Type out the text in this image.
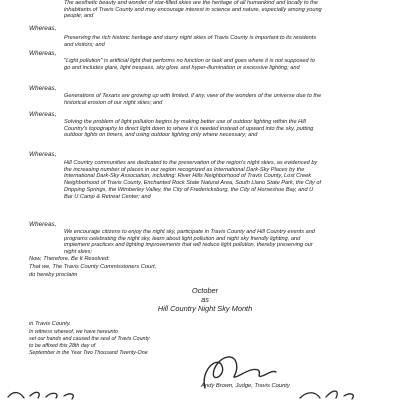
The aesthetic beauty and wonder of star-filled skies are the heritage of all humankind and locally to the inhabitants of Travis County and may encourage interest in science and nature, especially among young people; and

Whereas,

Preserving the rich historic heritage and starry night skies of Travis County is important to its residents and visitors; and

Whereas,

"Light pollution" is artificial light that performs no function or task and goes where it is not supposed to go and includes glare, light trespass, sky glow, and hyper-illumination or excessive lighting; and

Whereas,

Generations of Texans are growing up with limited, if any, view of the wonders of the universe due to the historical erosion of our night skies; and

Whereas,

Solving the problem of light pollution begins by making better use of outdoor lighting within the Hill Country's topography to direct light down to where it is needed instead of upward into the sky, putting outdoor lights on timers, and using outdoor lighting only where necessary; and

Whereas,

Hill Country communities are dedicated to the preservation of the region's night skies, as evidenced by the increasing number of places in our region recognized as International Dark-Sky Places by the International Dark-Sky Association, including: River Hills Neighborhood of Travis County, Lost Creek Neighborhood of Travis County, Enchanted Rock State Natural Area, South Llano State Park, the City of Dripping Springs, the Wimberley Valley, the City of Fredericksburg, the City of Horseshoe Bay, and U Bar U Camp & Retreat Center; and

Whereas,

We encourage citizens to enjoy the night sky, participate in Travis County and Hill Country events and programs celebrating the night sky, learn about light pollution and night sky friendly lighting, and implement practices and lighting improvements that will reduce light pollution, thereby preserving our night skies;

Now, Therefore, Be It Resolved:

That we, The Travis County Commissioners Court,

do hereby proclaim

October

as

Hill Country Night Sky Month

in Travis County.

In witness whereof, we have hereunto

set our hands and caused the seal of Travis County

to be affixed this 28th day of

September in the Year Two Thousand Twenty-One

Andy Brown, Judge, Travis County
